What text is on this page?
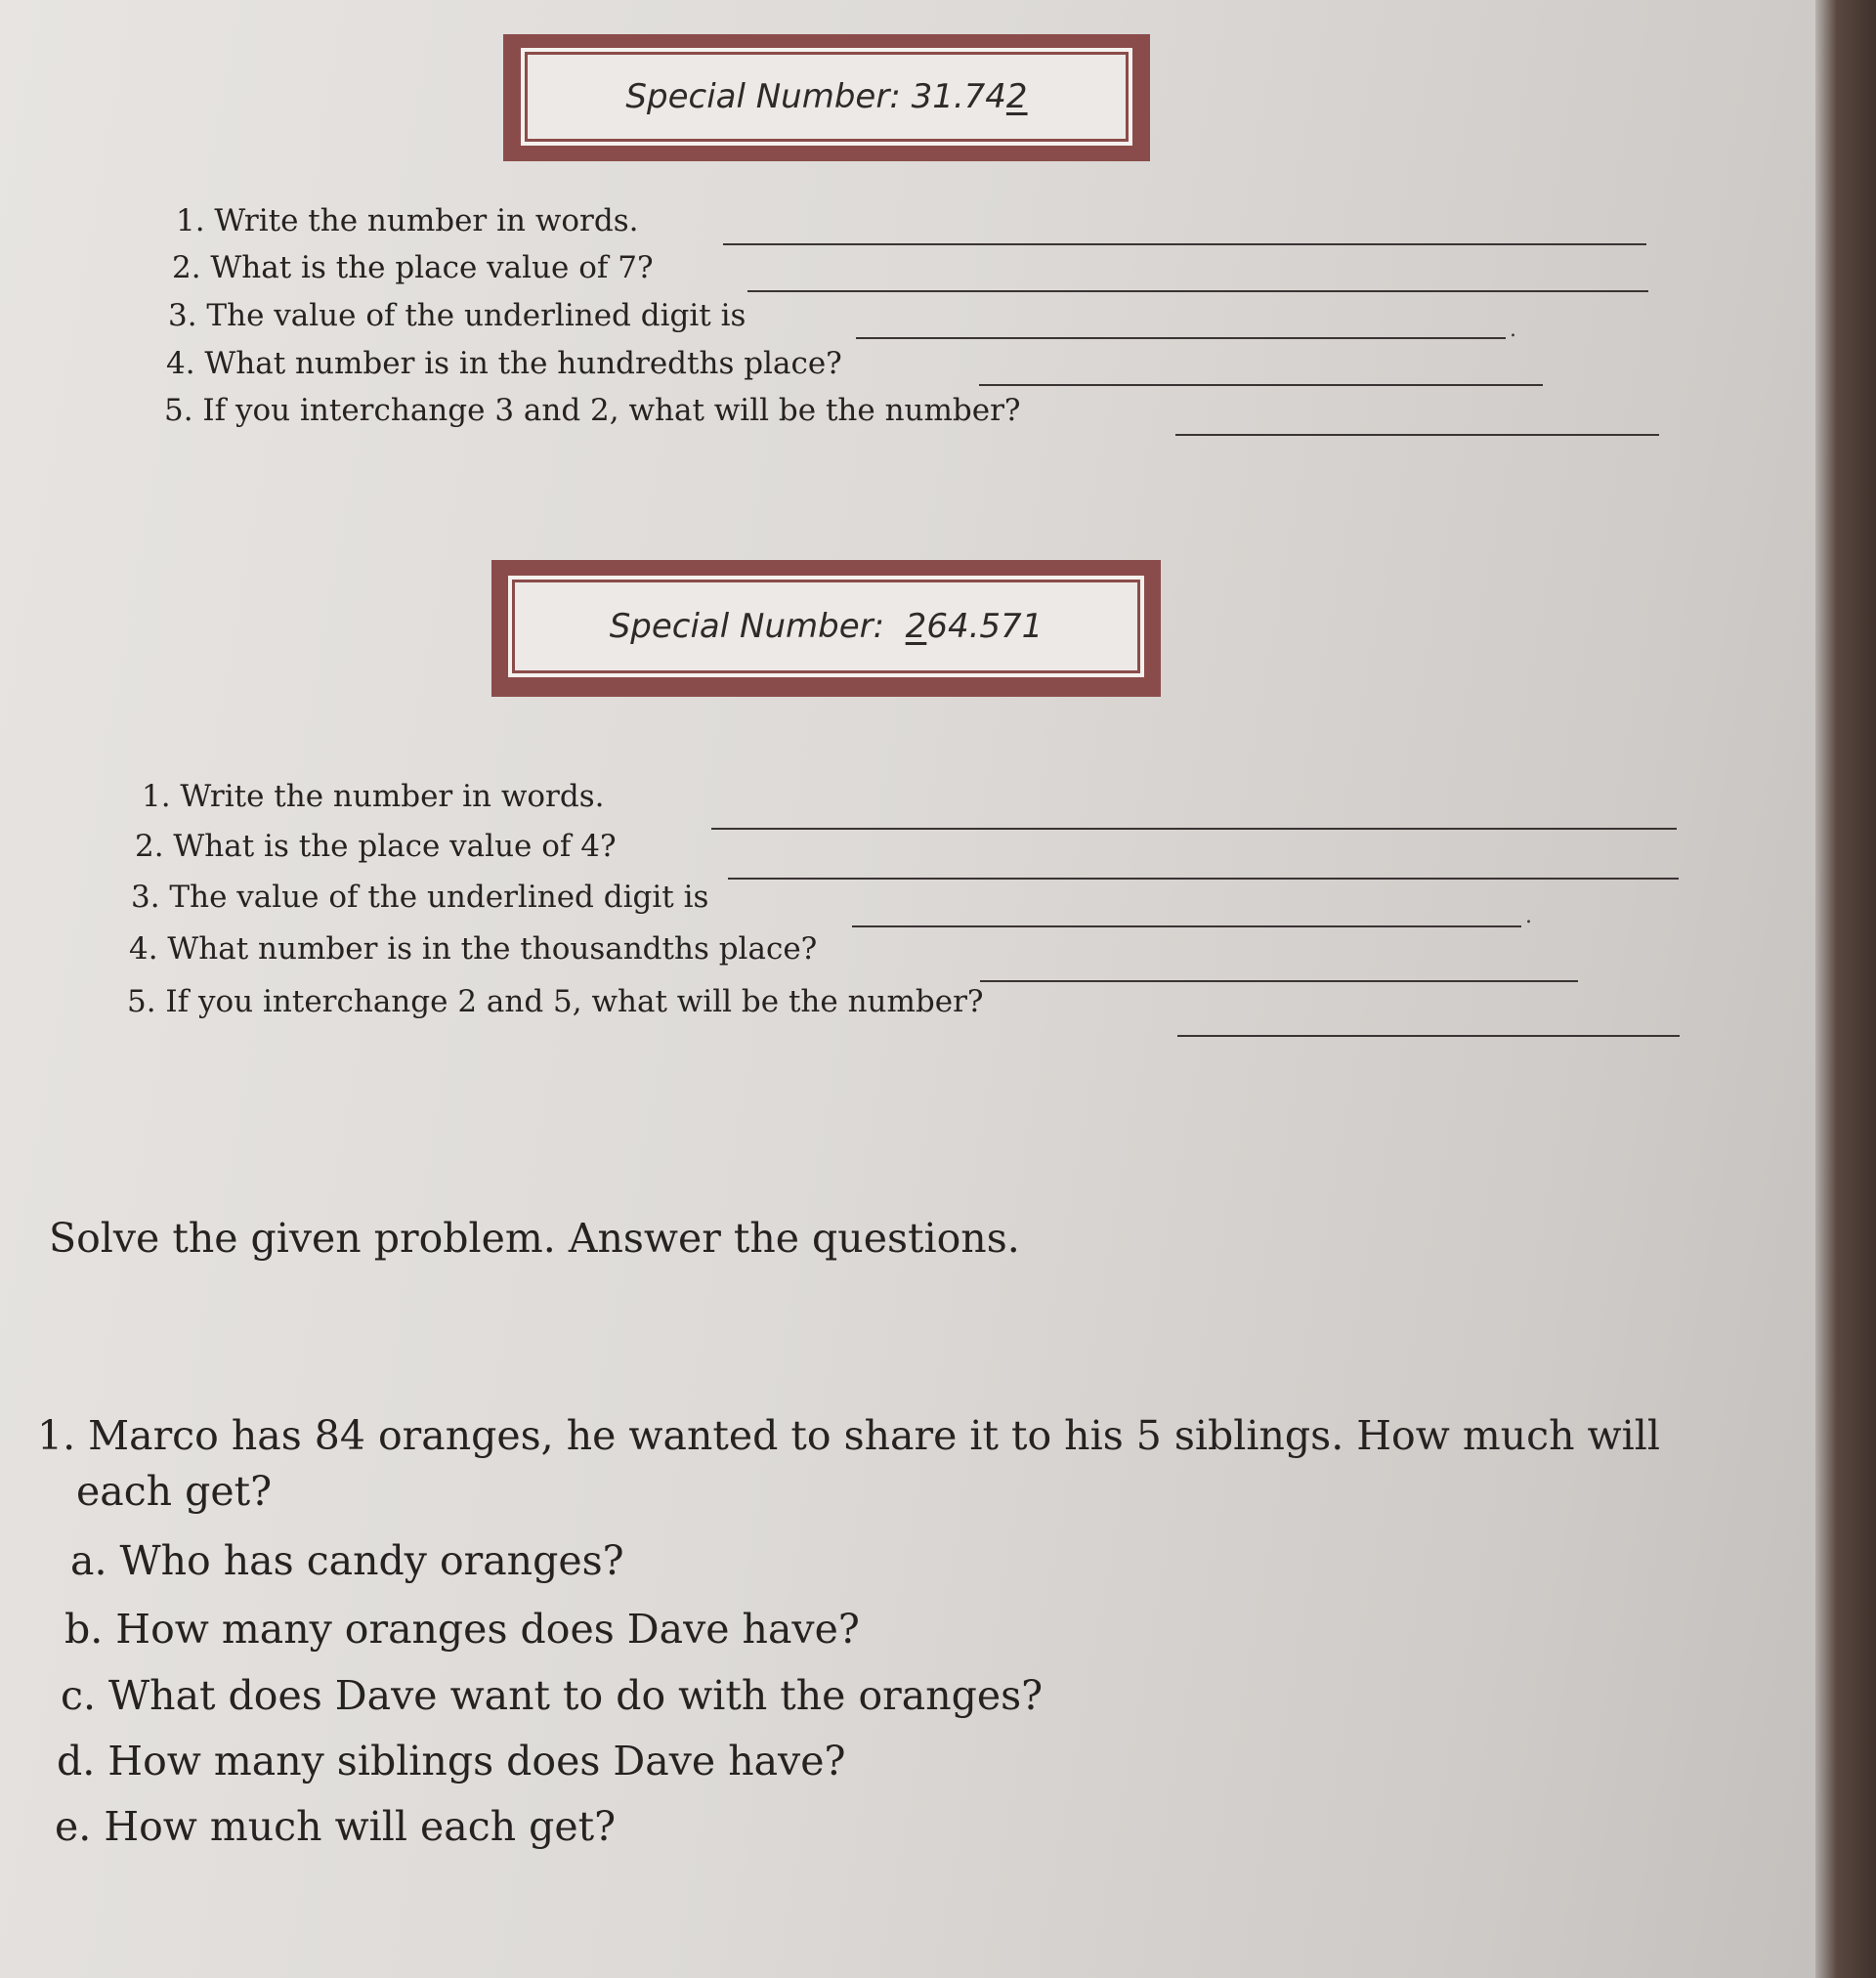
Special Number: 31.742
1. Write the number in words.
2. What is the place value of 7?
3. The value of the underlined digit is	.
4. What number is in the hundredths place?
5. If you interchange 3 and 2, what will be the number?
Special Number:  264.571
1. Write the number in words.
2. What is the place value of 4?
3. The value of the underlined digit is
.
4. What number is in the thousandths place?
5. If you interchange 2 and 5, what will be the number?
Solve the given problem. Answer the questions.
1. Marco has 84 oranges, he wanted to share it to his 5 siblings. How much will
each get?
a. Who has candy oranges?
b. How many oranges does Dave have?
c. What does Dave want to do with the oranges?
d. How many siblings does Dave have?
e. How much will each get?
